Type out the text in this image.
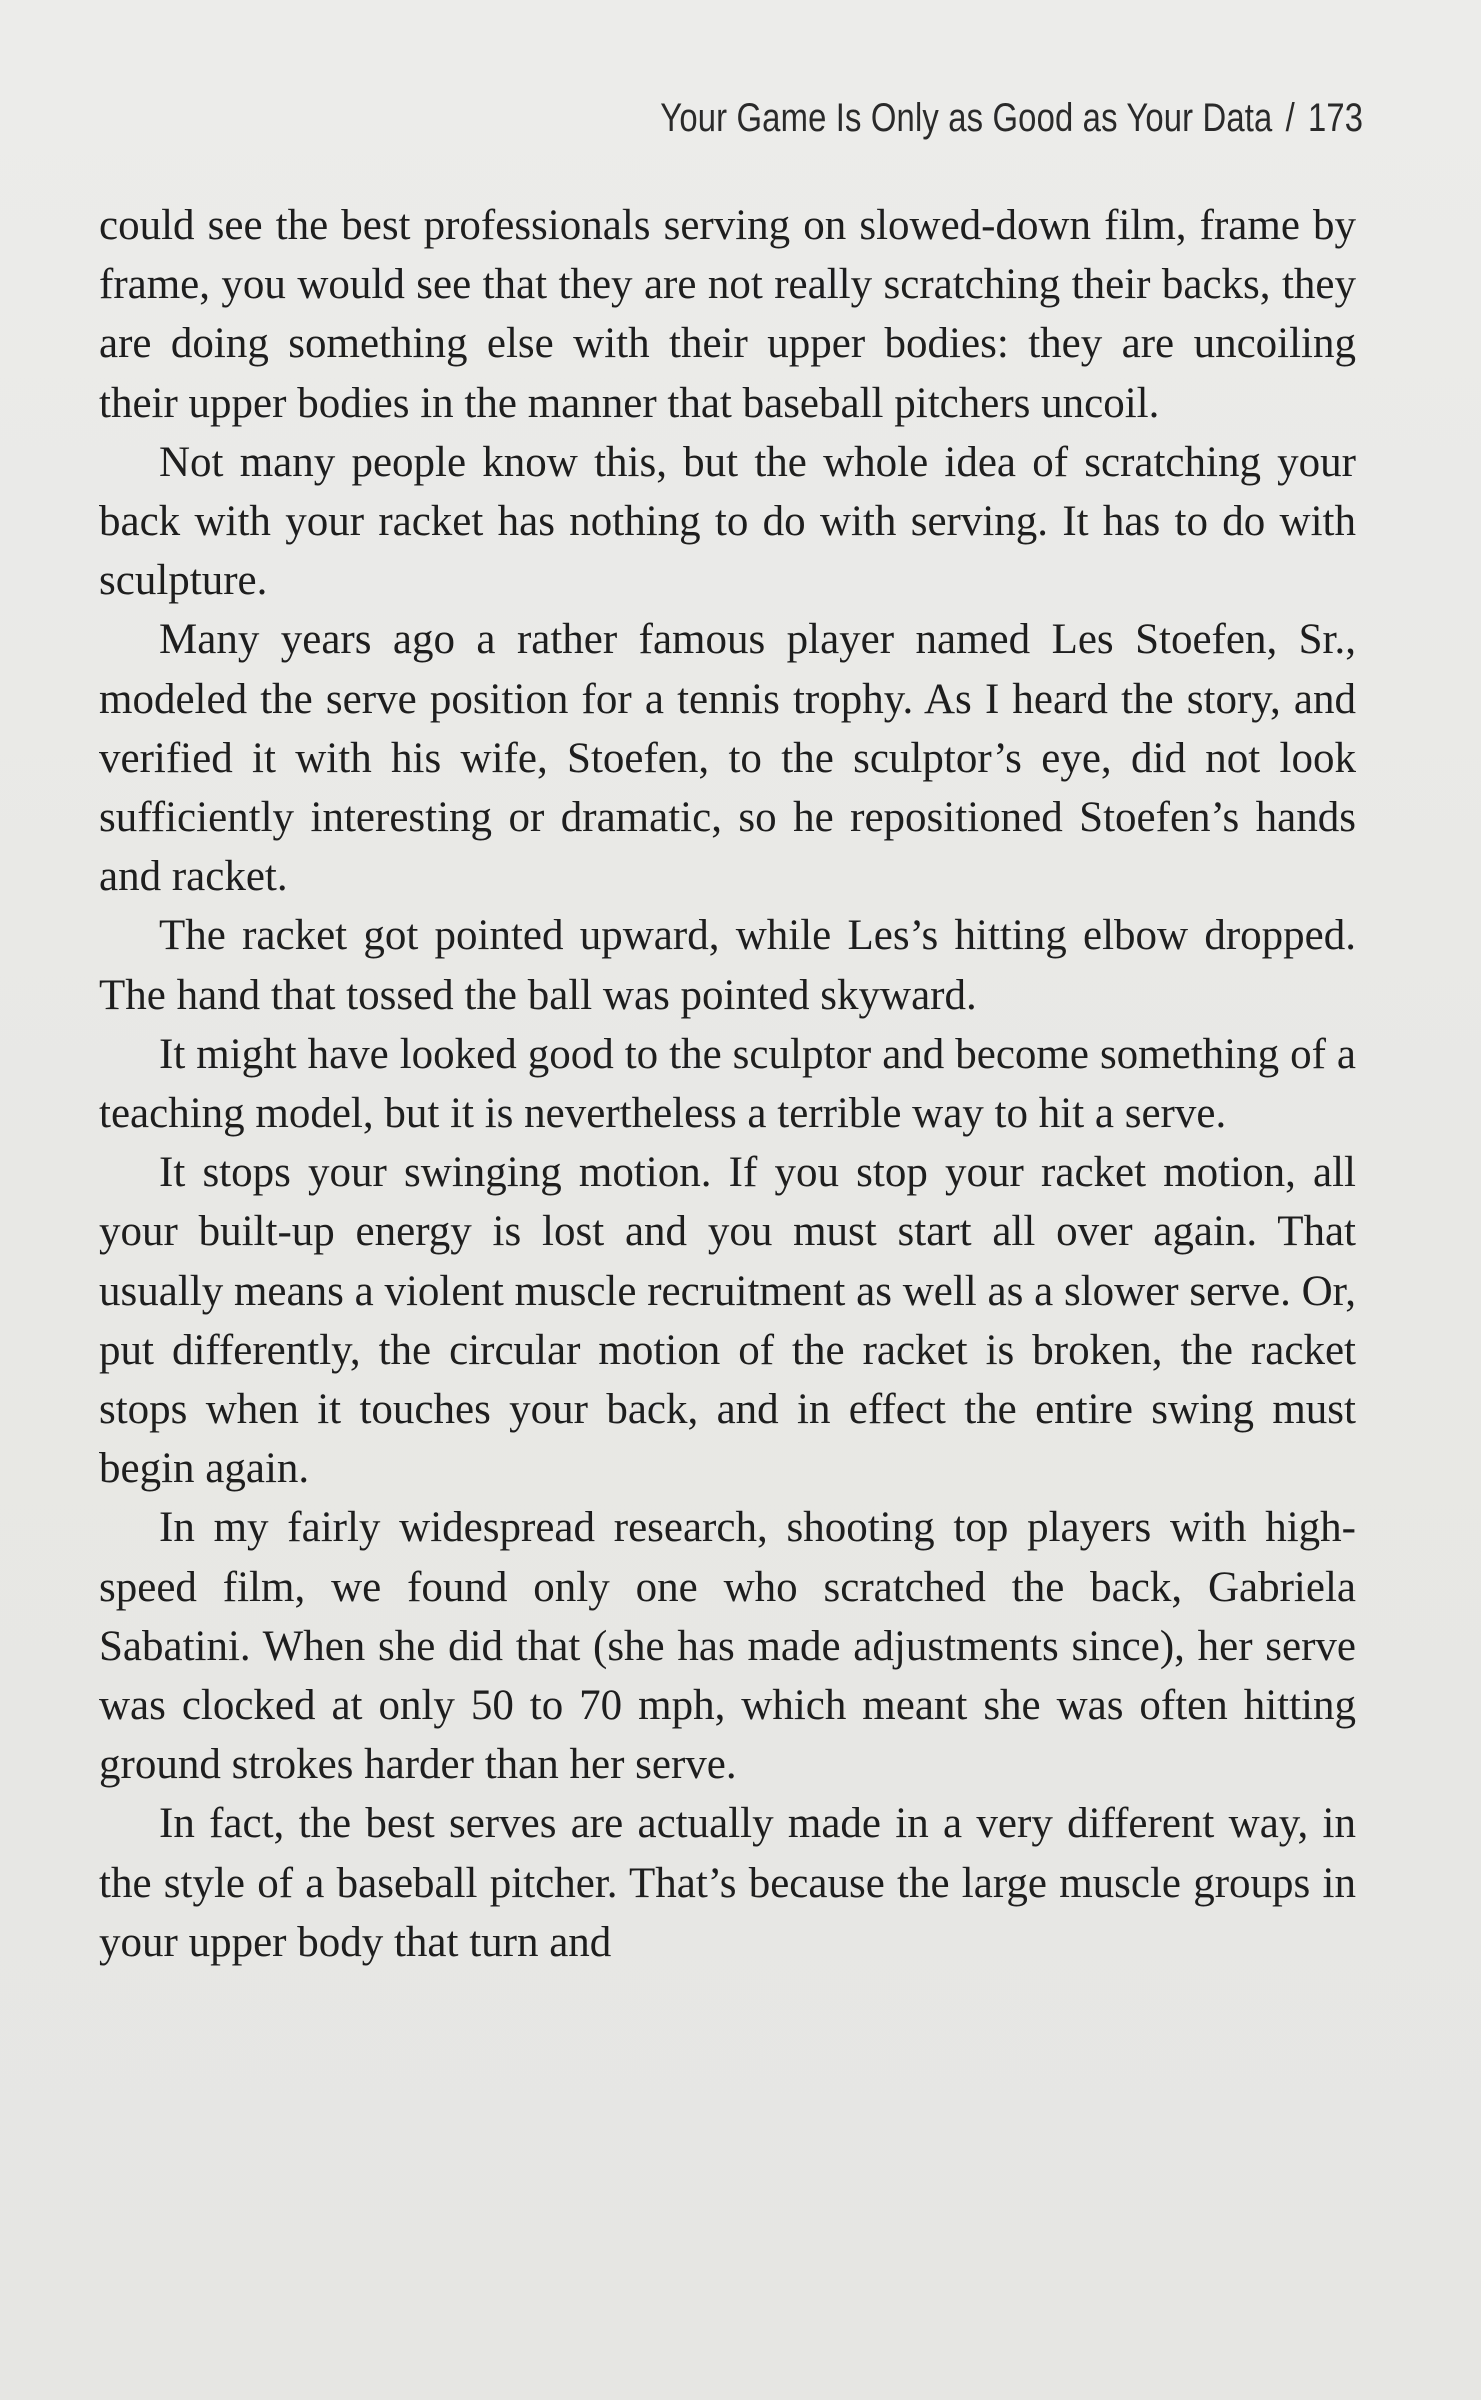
Your Game Is Only as Good as Your Data / 173

could see the best professionals serving on slowed-down film, frame by frame, you would see that they are not really scratching their backs, they are doing something else with their upper bodies: they are uncoiling their upper bodies in the manner that baseball pitchers uncoil.

Not many people know this, but the whole idea of scratching your back with your racket has nothing to do with serving. It has to do with sculpture.

Many years ago a rather famous player named Les Stoefen, Sr., modeled the serve position for a tennis trophy. As I heard the story, and verified it with his wife, Stoefen, to the sculptor’s eye, did not look sufficiently interesting or dramatic, so he repositioned Stoefen’s hands and racket.

The racket got pointed upward, while Les’s hitting elbow dropped. The hand that tossed the ball was pointed skyward.

It might have looked good to the sculptor and become something of a teaching model, but it is nevertheless a terrible way to hit a serve.

It stops your swinging motion. If you stop your racket motion, all your built-up energy is lost and you must start all over again. That usually means a violent muscle recruitment as well as a slower serve. Or, put differently, the circular motion of the racket is broken, the racket stops when it touches your back, and in effect the entire swing must begin again.

In my fairly widespread research, shooting top players with high-speed film, we found only one who scratched the back, Gabriela Sabatini. When she did that (she has made adjustments since), her serve was clocked at only 50 to 70 mph, which meant she was often hitting ground strokes harder than her serve.

In fact, the best serves are actually made in a very different way, in the style of a baseball pitcher. That’s because the large muscle groups in your upper body that turn and
